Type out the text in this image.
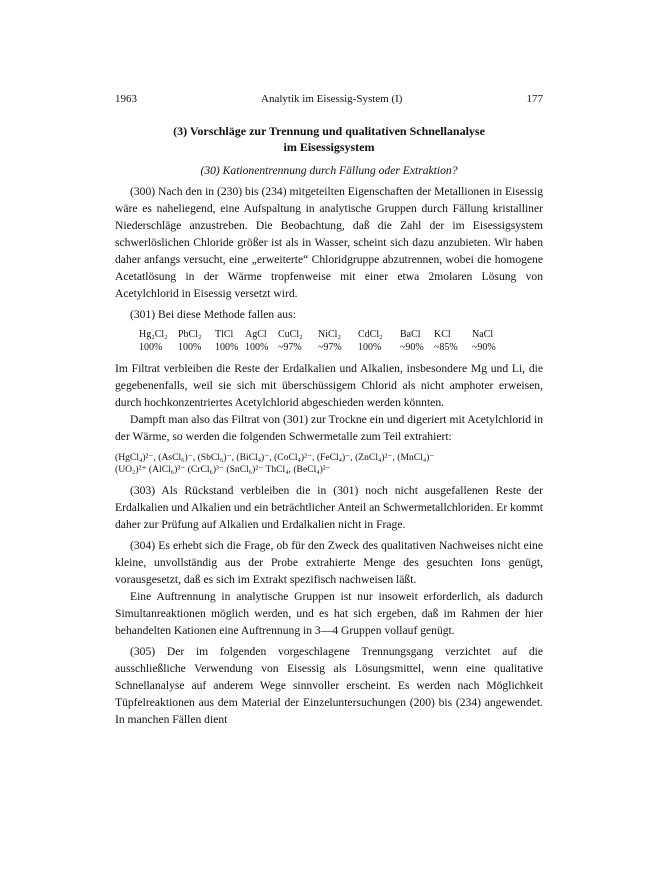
1963	Analytik im Eisessig-System (I)	177
(3) Vorschläge zur Trennung und qualitativen Schnellanalyse
im Eisessigsystem
(30) Kationentrennung durch Fällung oder Extraktion?

(300) Nach den in (230) bis (234) mitgeteilten Eigenschaften der Metallionen in Eisessig wäre es naheliegend, eine Aufspaltung in analytische Gruppen durch Fällung kristalliner Niederschläge anzustreben. Die Beobachtung, daß die Zahl der im Eisessigsystem schwerlöslichen Chloride größer ist als in Wasser, scheint sich dazu anzubieten. Wir haben daher anfangs versucht, eine „erweiterte“ Chloridgruppe abzutrennen, wobei die homogene Acetatlösung in der Wärme tropfenweise mit einer etwa 2molaren Lösung von Acetylchlorid in Eisessig versetzt wird.

(301) Bei diese Methode fallen aus:

Hg₂Cl₂	PbCl₂	TlCl	AgCl	CuCl₂	NiCl₂	CdCl₂	BaCl	KCl	NaCl
100%	100%	100% 100% ~97%	~97%	100%	~90%	~85%	~90%

Im Filtrat verbleiben die Reste der Erdalkalien und Alkalien, insbesondere Mg und Li, die gegebenenfalls, weil sie sich mit überschüssigem Chlorid als nicht amphoter erweisen, durch hochkonzentriertes Acetylchlorid abgeschieden werden könnten.

Dampft man also das Filtrat von (301) zur Trockne ein und digeriert mit Acetylchlorid in der Wärme, so werden die folgenden Schwermetalle zum Teil extrahiert:

(HgCl₄)²⁻, (AsCl₆)⁻, (SbCl₆)⁻, (BiCl₄)⁻, (CoCl₄)²⁻, (FeCl₄)⁻, (ZnCl₄)²⁻, (MnCl₄)⁻
(UO₂)²⁺ (AlCl₆)³⁻ (CrCl₆)³⁻ (SnCl₆)²⁻ ThCl₄, (BeCl₄)²⁻

(303) Als Rückstand verbleiben die in (301) noch nicht ausgefallenen Reste der Erdalkalien und Alkalien und ein beträchtlicher Anteil an Schwermetallchloriden. Er kommt daher zur Prüfung auf Alkalien und Erdalkalien nicht in Frage.

(304) Es erhebt sich die Frage, ob für den Zweck des qualitativen Nachweises nicht eine kleine, unvollständig aus der Probe extrahierte Menge des gesuchten Ions genügt, vorausgesetzt, daß es sich im Extrakt spezifisch nachweisen läßt.

Eine Auftrennung in analytische Gruppen ist nur insoweit erforderlich, als dadurch Simultanreaktionen möglich werden, und es hat sich ergeben, daß im Rahmen der hier behandelten Kationen eine Auftrennung in 3—4 Gruppen vollauf genügt.

(305) Der im folgenden vorgeschlagene Trennungsgang verzichtet auf die ausschließliche Verwendung von Eisessig als Lösungsmittel, wenn eine qualitative Schnellanalyse auf anderem Wege sinnvoller erscheint. Es werden nach Möglichkeit Tüpfelreaktionen aus dem Material der Einzeluntersuchungen (200) bis (234) angewendet. In manchen Fällen dient
